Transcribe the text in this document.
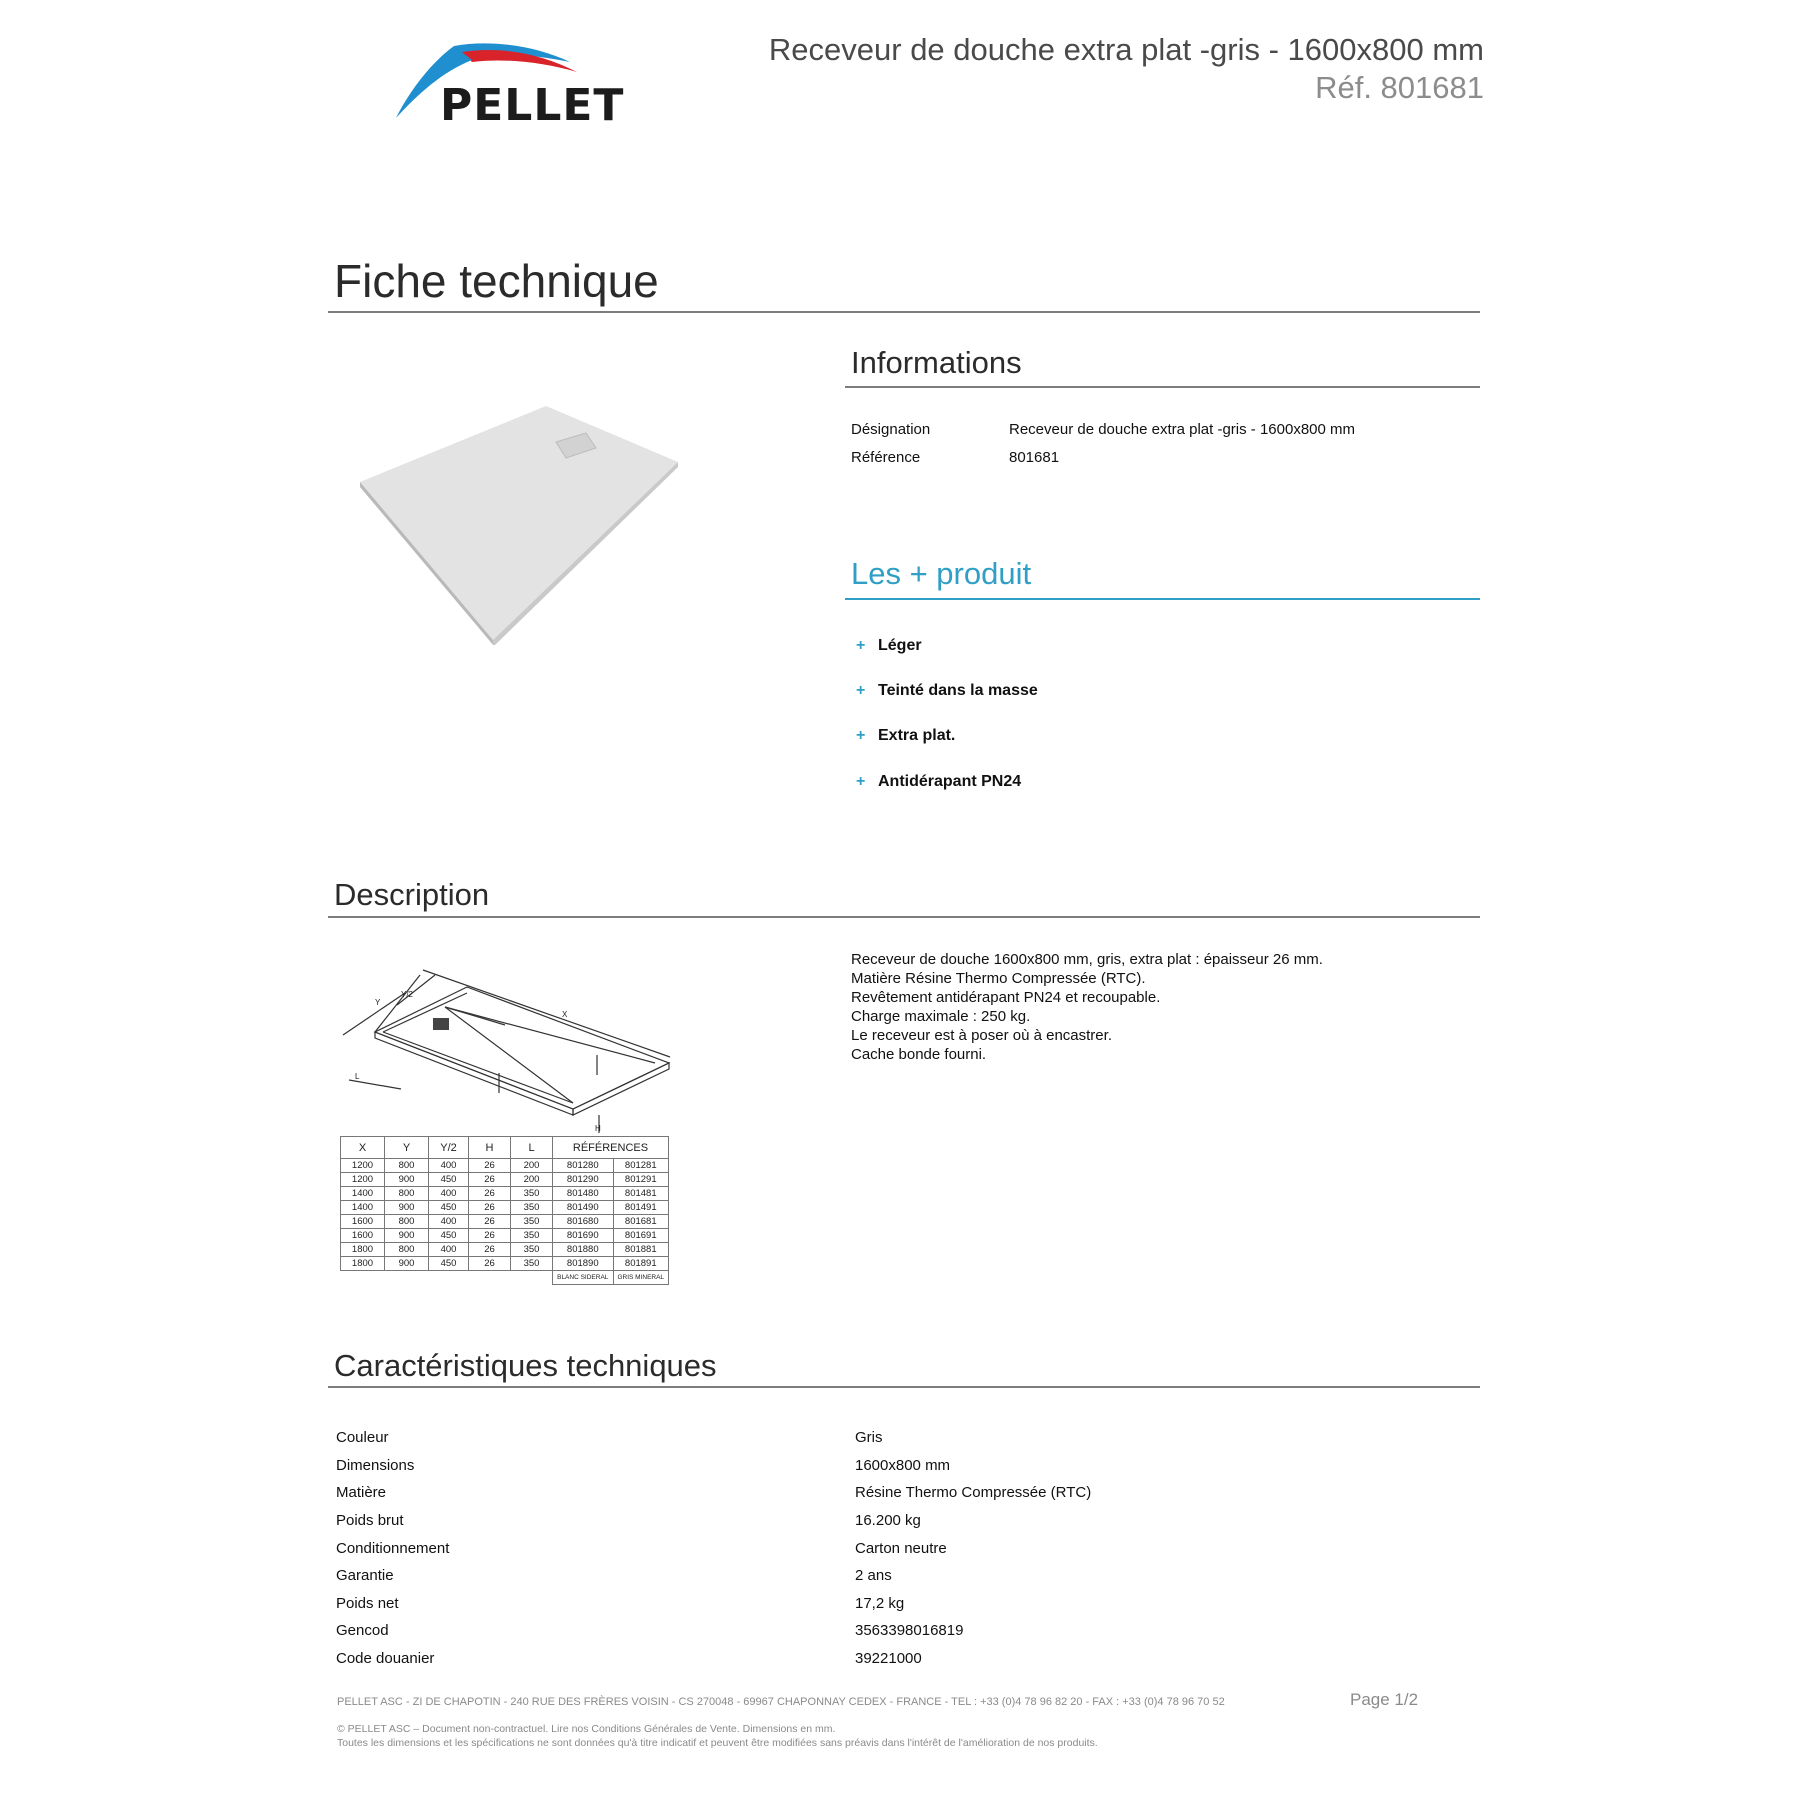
PELLET
Receveur de douche extra plat -gris - 1600x800 mm
Réf. 801681
Fiche technique
Informations
Désignation	Receveur de douche extra plat -gris - 1600x800 mm
Référence	801681
Les + produit
+ Léger
+ Teinté dans la masse
+ Extra plat.
+ Antidérapant PN24
Description
X
Y
Y/2
L
H
X	Y	Y/2	H	L	RÉFÉRENCES	
1200	800	400	26	200	801280	801281
1200	900	450	26	200	801290	801291
1400	800	400	26	350	801480	801481
1400	900	450	26	350	801490	801491
1600	800	400	26	350	801680	801681
1600	900	450	26	350	801690	801691
1800	800	400	26	350	801880	801881
1800	900	450	26	350	801890	801891
					BLANC SIDERAL	GRIS MINERAL
Receveur de douche 1600x800 mm, gris, extra plat : épaisseur 26 mm.
Matière Résine Thermo Compressée (RTC).
Revêtement antidérapant PN24 et recoupable.
Charge maximale : 250 kg.
Le receveur est à poser où à encastrer.
Cache bonde fourni.
Caractéristiques techniques
Couleur	Gris
Dimensions	1600x800 mm
Matière	Résine Thermo Compressée (RTC)
Poids brut	16.200 kg
Conditionnement	Carton neutre
Garantie	2 ans
Poids net	17,2 kg
Gencod	3563398016819
Code douanier	39221000
PELLET ASC - ZI DE CHAPOTIN - 240 RUE DES FRÈRES VOISIN - CS 270048 - 69967 CHAPONNAY CEDEX - FRANCE - TEL : +33 (0)4 78 96 82 20 - FAX : +33 (0)4 78 96 70 52	Page 1/2
© PELLET ASC – Document non-contractuel. Lire nos Conditions Générales de Vente. Dimensions en mm.
Toutes les dimensions et les spécifications ne sont données qu'à titre indicatif et peuvent être modifiées sans préavis dans l'intérêt de l'amélioration de nos produits.
